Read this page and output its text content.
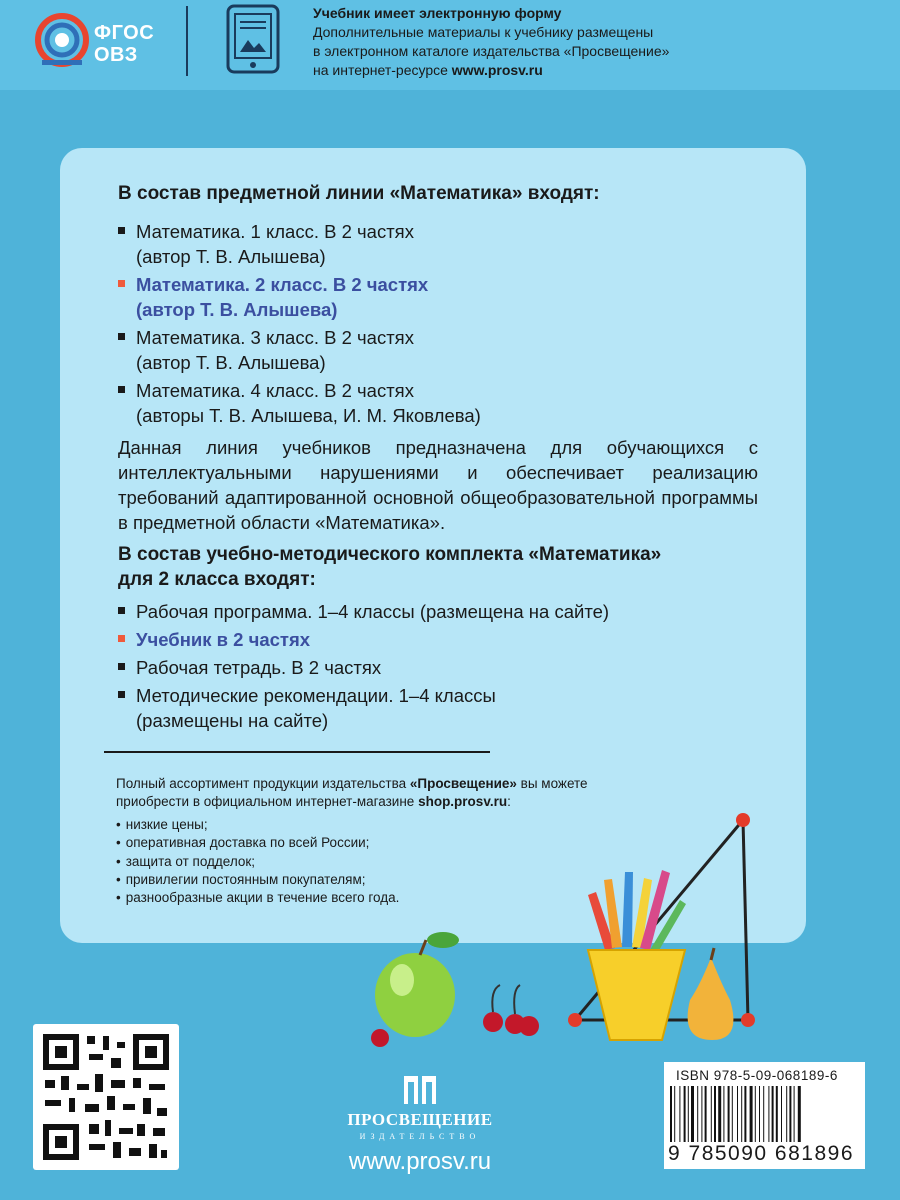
ФГОС
ОВЗ
Учебник имеет электронную форму
Дополнительные материалы к учебнику размещены
в электронном каталоге издательства «Просвещение»
на интернет-ресурсе www.prosv.ru
В состав предметной линии «Математика» входят:
Математика. 1 класс. В 2 частях
(автор Т. В. Алышева)
Математика. 2 класс. В 2 частях
(автор Т. В. Алышева)
Математика. 3 класс. В 2 частях
(автор Т. В. Алышева)
Математика. 4 класс. В 2 частях
(авторы Т. В. Алышева, И. М. Яковлева)
Данная линия учебников предназначена для обучающихся с интеллектуальными нарушениями и обеспечивает реализацию требований адаптированной основной общеобразовательной программы в предметной области «Математика».
В состав учебно-методического комплекта «Математика»
для 2 класса входят:
Рабочая программа. 1–4 классы (размещена на сайте)
Учебник в 2 частях
Рабочая тетрадь. В 2 частях
Методические рекомендации. 1–4 классы
(размещены на сайте)
Полный ассортимент продукции издательства «Просвещение» вы можете
приобрести в официальном интернет-магазине shop.prosv.ru:
• низкие цены;
• оперативная доставка по всей России;
• защита от подделок;
• привилегии постоянным покупателям;
• разнообразные акции в течение всего года.
ПРОСВЕЩЕНИЕ
ИЗДАТЕЛЬСТВО
www.prosv.ru
ISBN 978-5-09-068189-6
9 785090 681896
